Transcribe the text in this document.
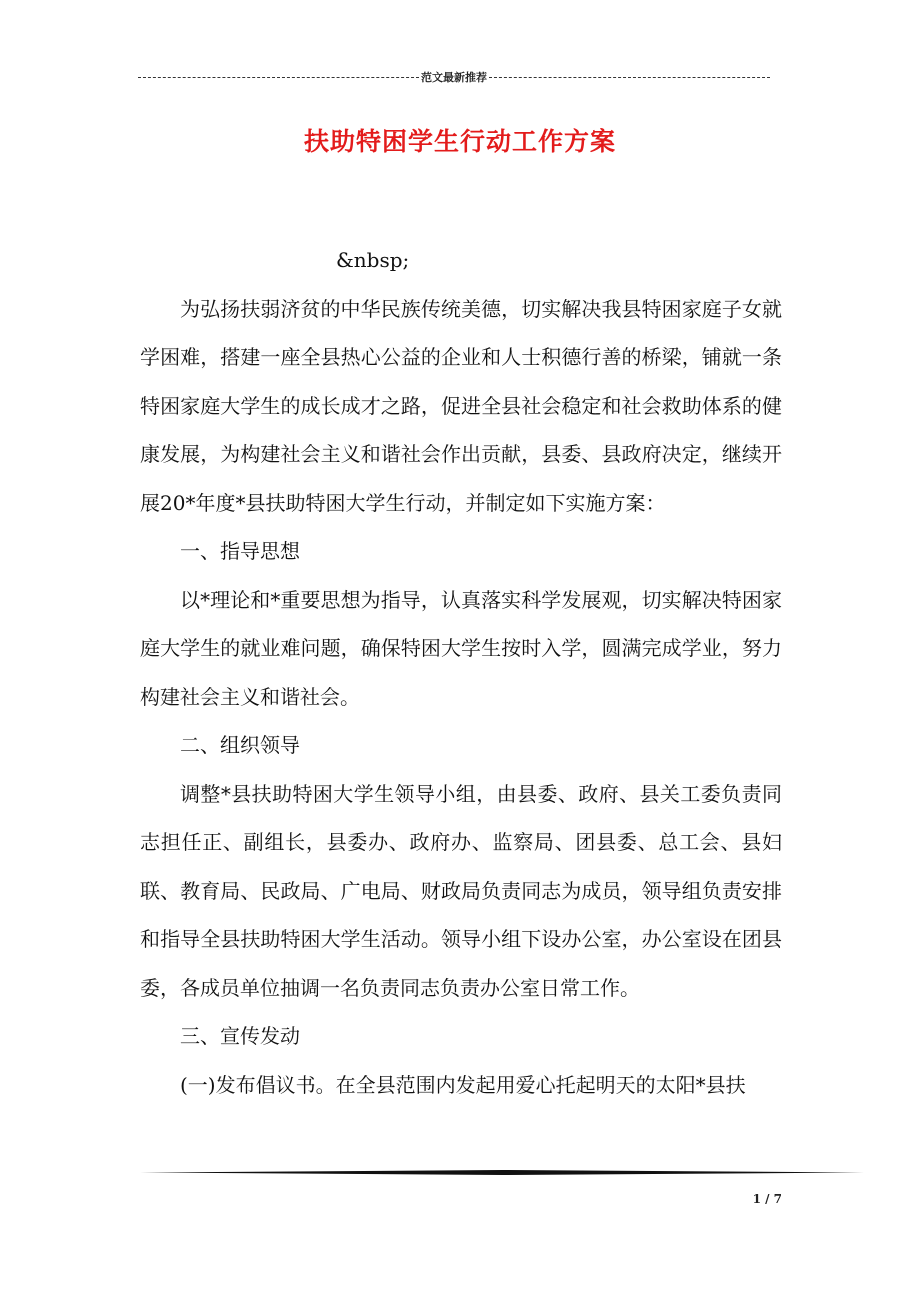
范文最新推荐
扶助特困学生行动工作方案

&nbsp;

为弘扬扶弱济贫的中华民族传统美德，切实解决我县特困家庭子女就学困难，搭建一座全县热心公益的企业和人士积德行善的桥梁，铺就一条特困家庭大学生的成长成才之路，促进全县社会稳定和社会救助体系的健康发展，为构建社会主义和谐社会作出贡献，县委、县政府决定，继续开展20*年度*县扶助特困大学生行动，并制定如下实施方案：

一、指导思想

以*理论和*重要思想为指导，认真落实科学发展观，切实解决特困家庭大学生的就业难问题，确保特困大学生按时入学，圆满完成学业，努力构建社会主义和谐社会。

二、组织领导

调整*县扶助特困大学生领导小组，由县委、政府、县关工委负责同志担任正、副组长，县委办、政府办、监察局、团县委、总工会、县妇联、教育局、民政局、广电局、财政局负责同志为成员，领导组负责安排和指导全县扶助特困大学生活动。领导小组下设办公室，办公室设在团县委，各成员单位抽调一名负责同志负责办公室日常工作。

三、宣传发动

(一)发布倡议书。在全县范围内发起用爱心托起明天的太阳*县扶

1 / 7
